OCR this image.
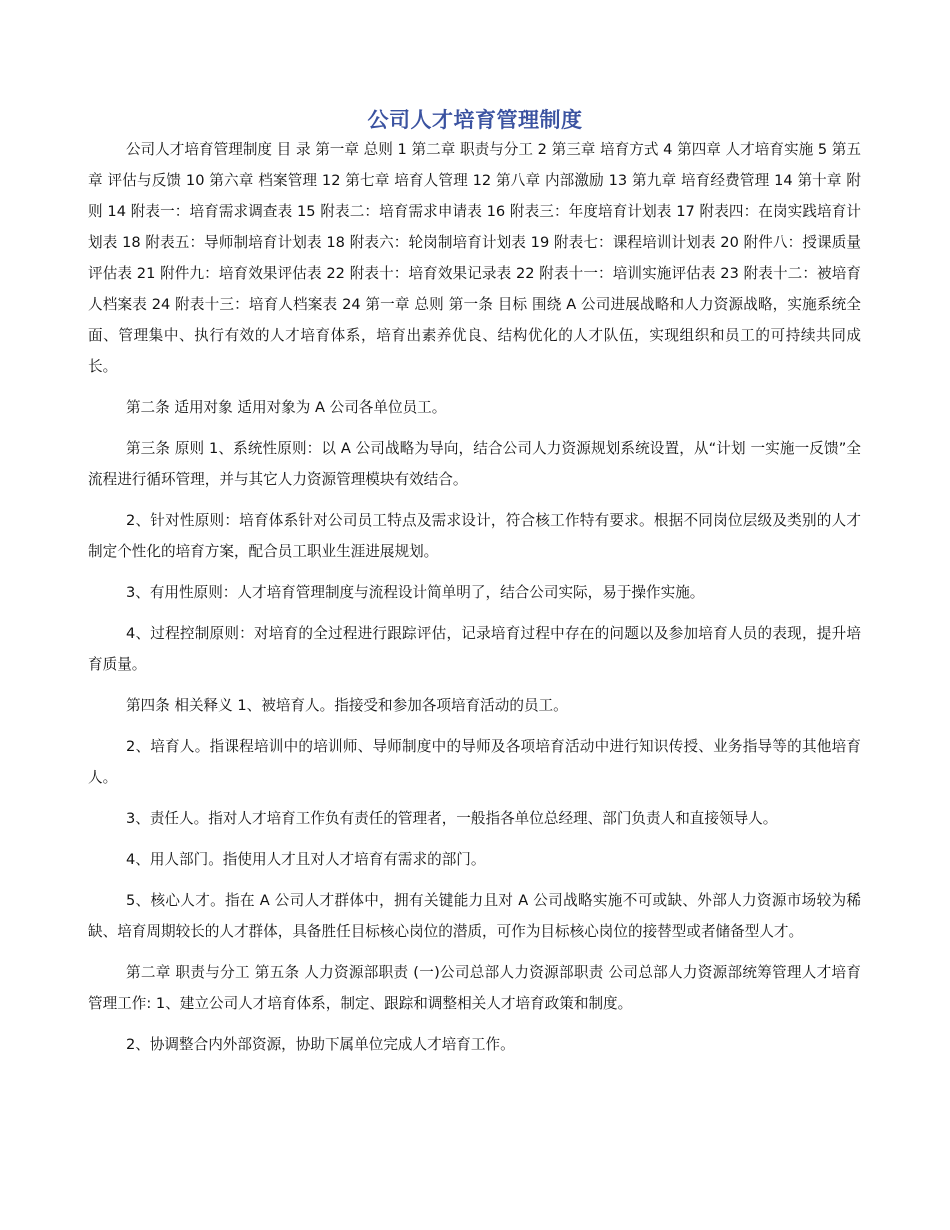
公司人才培育管理制度

公司人才培育管理制度 目 录 第一章 总则 1 第二章 职责与分工 2 第三章 培育方式 4 第四章 人才培育实施 5 第五章 评估与反馈 10 第六章 档案管理 12 第七章 培育人管理 12 第八章 内部激励 13 第九章 培育经费管理 14 第十章 附则 14 附表一：培育需求调查表 15 附表二：培育需求申请表 16 附表三：年度培育计划表 17 附表四：在岗实践培育计划表 18 附表五：导师制培育计划表 18 附表六：轮岗制培育计划表 19 附表七：课程培训计划表 20 附件八：授课质量评估表 21 附件九：培育效果评估表 22 附表十：培育效果记录表 22 附表十一：培训实施评估表 23 附表十二：被培育人档案表 24 附表十三：培育人档案表 24 第一章 总则 第一条 目标 围绕 A 公司进展战略和人力资源战略，实施系统全面、管理集中、执行有效的人才培育体系，培育出素养优良、结构优化的人才队伍，实现组织和员工的可持续共同成长。

第二条 适用对象 适用对象为 A 公司各单位员工。

第三条 原则 1、系统性原则：以 A 公司战略为导向，结合公司人力资源规划系统设置，从“计划 一实施一反馈”全流程进行循环管理，并与其它人力资源管理模块有效结合。

2、针对性原则：培育体系针对公司员工特点及需求设计，符合核工作特有要求。根据不同岗位层级及类别的人才制定个性化的培育方案，配合员工职业生涯进展规划。

3、有用性原则：人才培育管理制度与流程设计简单明了，结合公司实际，易于操作实施。

4、过程控制原则：对培育的全过程进行跟踪评估，记录培育过程中存在的问题以及参加培育人员的表现，提升培育质量。

第四条 相关释义 1、被培育人。指接受和参加各项培育活动的员工。

2、培育人。指课程培训中的培训师、导师制度中的导师及各项培育活动中进行知识传授、业务指导等的其他培育人。

3、责任人。指对人才培育工作负有责任的管理者，一般指各单位总经理、部门负责人和直接领导人。

4、用人部门。指使用人才且对人才培育有需求的部门。

5、核心人才。指在 A 公司人才群体中，拥有关键能力且对 A 公司战略实施不可或缺、外部人力资源市场较为稀缺、培育周期较长的人才群体，具备胜任目标核心岗位的潜质，可作为目标核心岗位的接替型或者储备型人才。

第二章 职责与分工 第五条 人力资源部职责 (一)公司总部人力资源部职责 公司总部人力资源部统筹管理人才培育管理工作: 1、建立公司人才培育体系，制定、跟踪和调整相关人才培育政策和制度。

2、协调整合内外部资源，协助下属单位完成人才培育工作。
